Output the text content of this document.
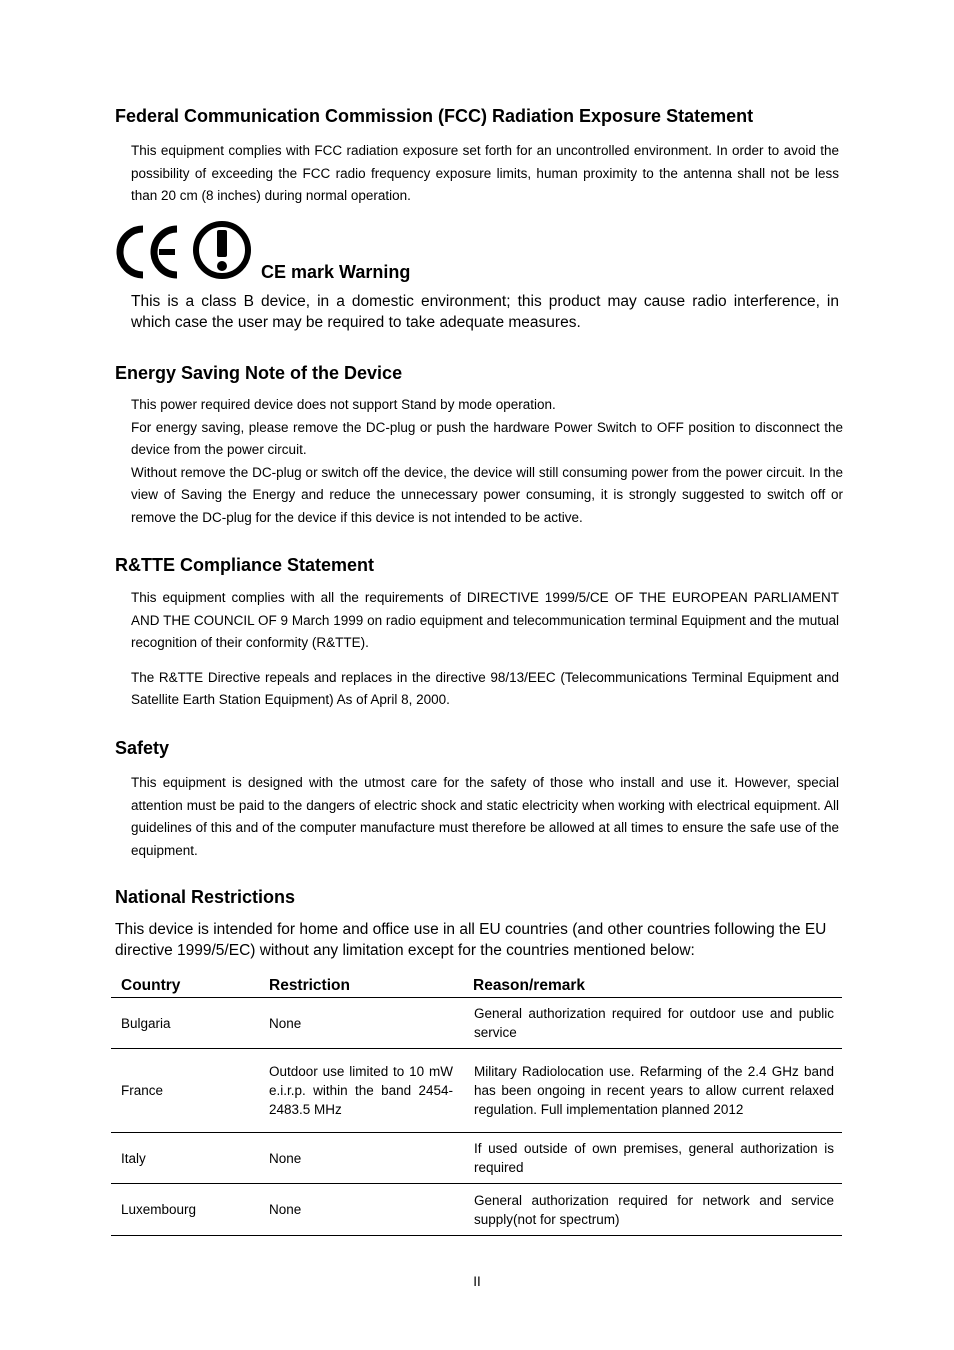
Federal Communication Commission (FCC) Radiation Exposure Statement

This equipment complies with FCC radiation exposure set forth for an uncontrolled environment. In order to avoid the possibility of exceeding the FCC radio frequency exposure limits, human proximity to the antenna shall not be less than 20 cm (8 inches) during normal operation.

CE mark Warning

This is a class B device, in a domestic environment; this product may cause radio interference, in which case the user may be required to take adequate measures.

Energy Saving Note of the Device

This power required device does not support Stand by mode operation.

For energy saving, please remove the DC-plug or push the hardware Power Switch to OFF position to disconnect the device from the power circuit.

Without remove the DC-plug or switch off the device, the device will still consuming power from the power circuit. In the view of Saving the Energy and reduce the unnecessary power consuming, it is strongly suggested to switch off or remove the DC-plug for the device if this device is not intended to be active.

R&TTE Compliance Statement

This equipment complies with all the requirements of DIRECTIVE 1999/5/CE OF THE EUROPEAN PARLIAMENT AND THE COUNCIL OF 9 March 1999 on radio equipment and telecommunication terminal Equipment and the mutual recognition of their conformity (R&TTE).

The R&TTE Directive repeals and replaces in the directive 98/13/EEC (Telecommunications Terminal Equipment and Satellite Earth Station Equipment) As of April 8, 2000.

Safety

This equipment is designed with the utmost care for the safety of those who install and use it. However, special attention must be paid to the dangers of electric shock and static electricity when working with electrical equipment. All guidelines of this and of the computer manufacture must therefore be allowed at all times to ensure the safe use of the equipment.

National Restrictions

This device is intended for home and office use in all EU countries (and other countries following the EU directive 1999/5/EC) without any limitation except for the countries mentioned below:

Country	Restriction	Reason/remark
Bulgaria	None	General authorization required for outdoor use and public service
France	Outdoor use limited to 10 mW e.i.r.p. within the band 2454-2483.5 MHz	Military Radiolocation use. Refarming of the 2.4 GHz band has been ongoing in recent years to allow current relaxed regulation. Full implementation planned 2012
Italy	None	If used outside of own premises, general authorization is required
Luxembourg	None	General authorization required for network and service supply(not for spectrum)
II
